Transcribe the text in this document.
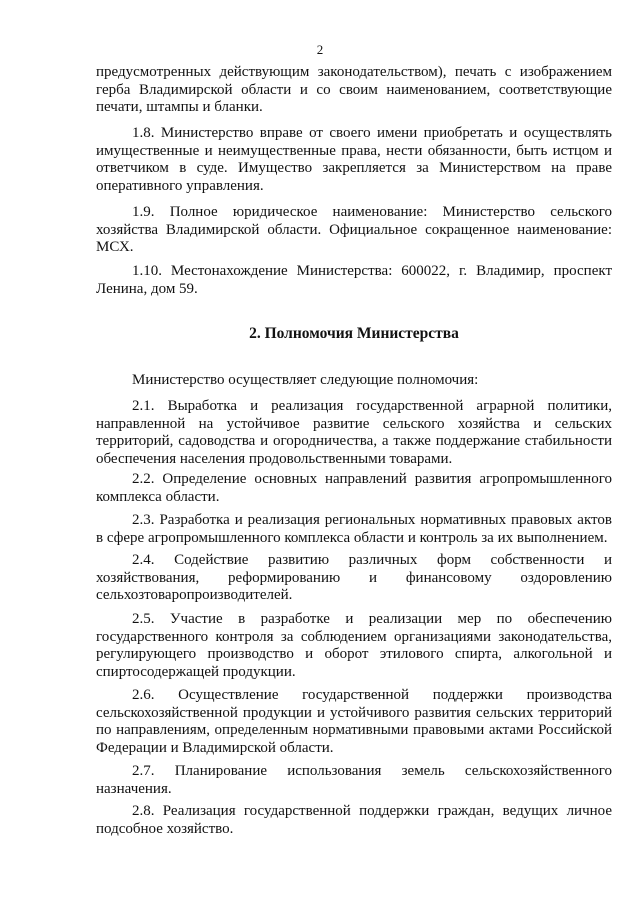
2

предусмотренных действующим законодательством), печать с изображением герба Владимирской области и со своим наименованием, соответствующие печати, штампы и бланки.

1.8. Министерство вправе от своего имени приобретать и осуществлять имущественные и неимущественные права, нести обязанности, быть истцом и ответчиком в суде. Имущество закрепляется за Министерством на праве оперативного управления.

1.9. Полное юридическое наименование: Министерство сельского хозяйства Владимирской области. Официальное сокращенное наименование: МСХ.

1.10. Местонахождение Министерства: 600022, г. Владимир, проспект Ленина, дом 59.

2. Полномочия Министерства

Министерство осуществляет следующие полномочия:

2.1. Выработка и реализация государственной аграрной политики, направленной на устойчивое развитие сельского хозяйства и сельских территорий, садоводства и огородничества, а также поддержание стабильности обеспечения населения продовольственными товарами.

2.2. Определение основных направлений развития агропромышленного комплекса области.

2.3. Разработка и реализация региональных нормативных правовых актов в сфере агропромышленного комплекса области и контроль за их выполнением.

2.4. Содействие развитию различных форм собственности и хозяйствования, реформированию и финансовому оздоровлению сельхозтоваропроизводителей.

2.5. Участие в разработке и реализации мер по обеспечению государственного контроля за соблюдением организациями законодательства, регулирующего производство и оборот этилового спирта, алкогольной и спиртосодержащей продукции.

2.6. Осуществление государственной поддержки производства сельскохозяйственной продукции и устойчивого развития сельских территорий по направлениям, определенным нормативными правовыми актами Российской Федерации и Владимирской области.

2.7. Планирование использования земель сельскохозяйственного назначения.

2.8. Реализация государственной поддержки граждан, ведущих личное подсобное хозяйство.
